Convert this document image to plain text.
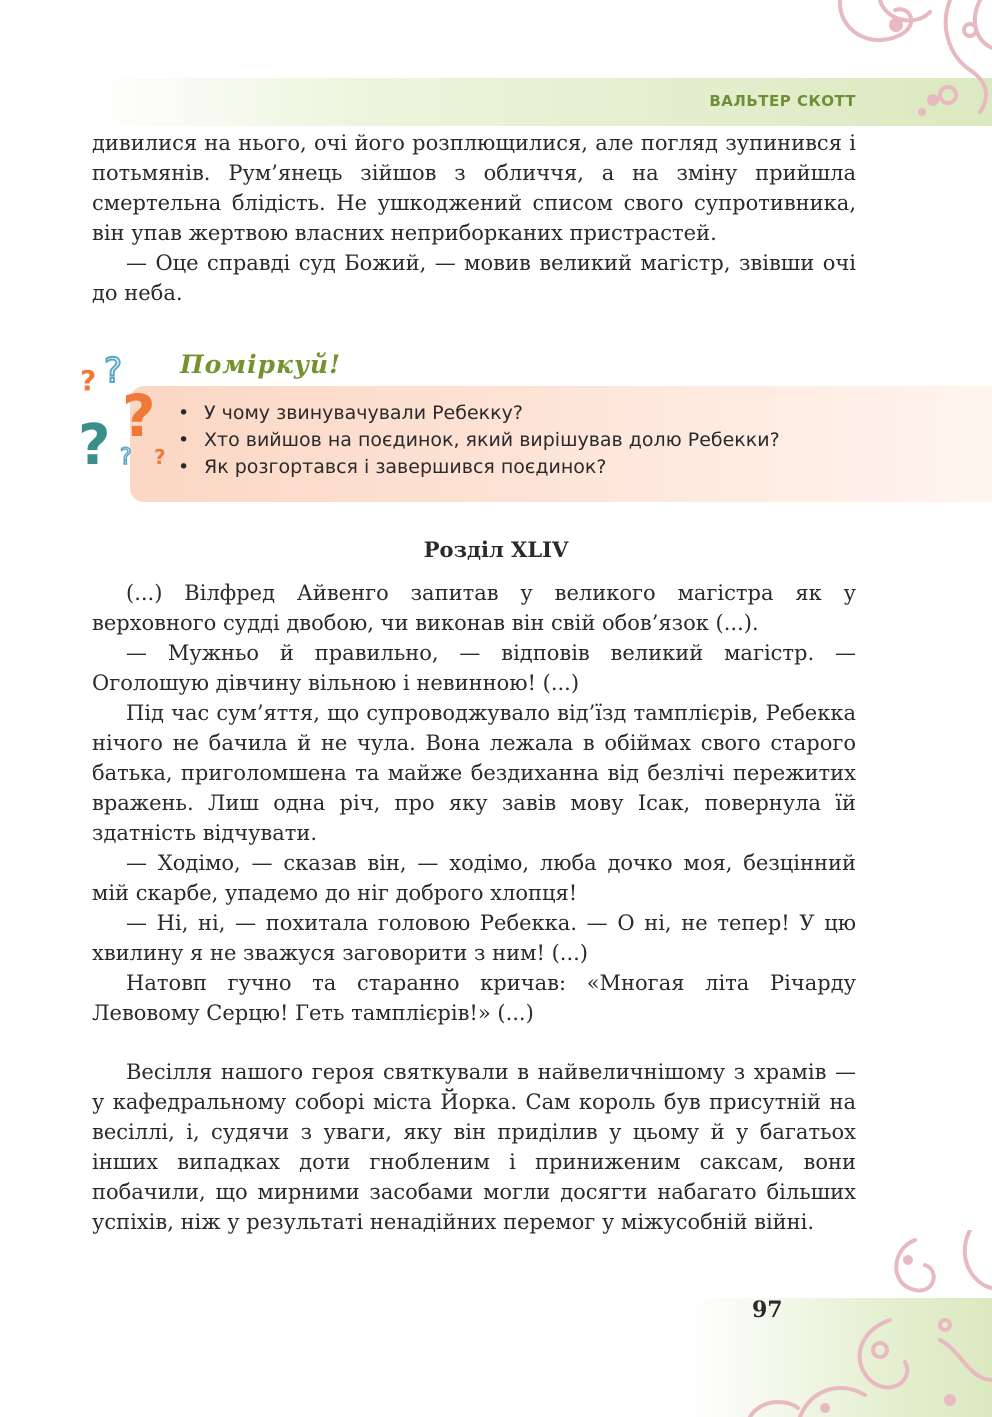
ВАЛЬТЕР СКОТТ

дивилися на нього, очі його розплющилися, але погляд зупинився і потьмянів. Рум’янець зійшов з обличчя, а на зміну прийшла смертельна блідість. Не ушкоджений списом свого супротивника, він упав жертвою власних неприборканих пристрастей.

— Оце справді суд Божий, — мовив великий магістр, звівши очі до неба.

Поміркуй!
? ?
? ?
? ?
• У чому звинувачували Ребекку?
• Хто вийшов на поєдинок, який вирішував долю Ребекки?
• Як розгортався і завершився поєдинок?
Розділ XLIV

(...) Вілфред Айвенго запитав у великого магістра як у верховного судді двобою, чи виконав він свій обов’язок (...).

— Мужньо й правильно, — відповів великий магістр. — Оголошую дівчину вільною і невинною! (...)

Під час сум’яття, що супроводжувало від’їзд тамплієрів, Ребекка нічого не бачила й не чула. Вона лежала в обіймах свого старого батька, приголомшена та майже бездиханна від безлічі пережитих вражень. Лиш одна річ, про яку завів мову Ісак, повернула їй здатність відчувати.

— Ходімо, — сказав він, — ходімо, люба дочко моя, безцінний мій скарбе, упадемо до ніг доброго хлопця!

— Ні, ні, — похитала головою Ребекка. — О ні, не тепер! У цю хвилину я не зважуся заговорити з ним! (...)

Натовп гучно та старанно кричав: «Многая літа Річарду Левовому Серцю! Геть тамплієрів!» (...)

Весілля нашого героя святкували в найвеличнішому з храмів — у кафедральному соборі міста Йорка. Сам король був присутній на весіллі, і, судячи з уваги, яку він приділив у цьому й у багатьох інших випадках доти гнобленим і приниженим саксам, вони побачили, що мирними засобами могли досягти набагато більших успіхів, ніж у результаті ненадійних перемог у міжусобній війні.

97
